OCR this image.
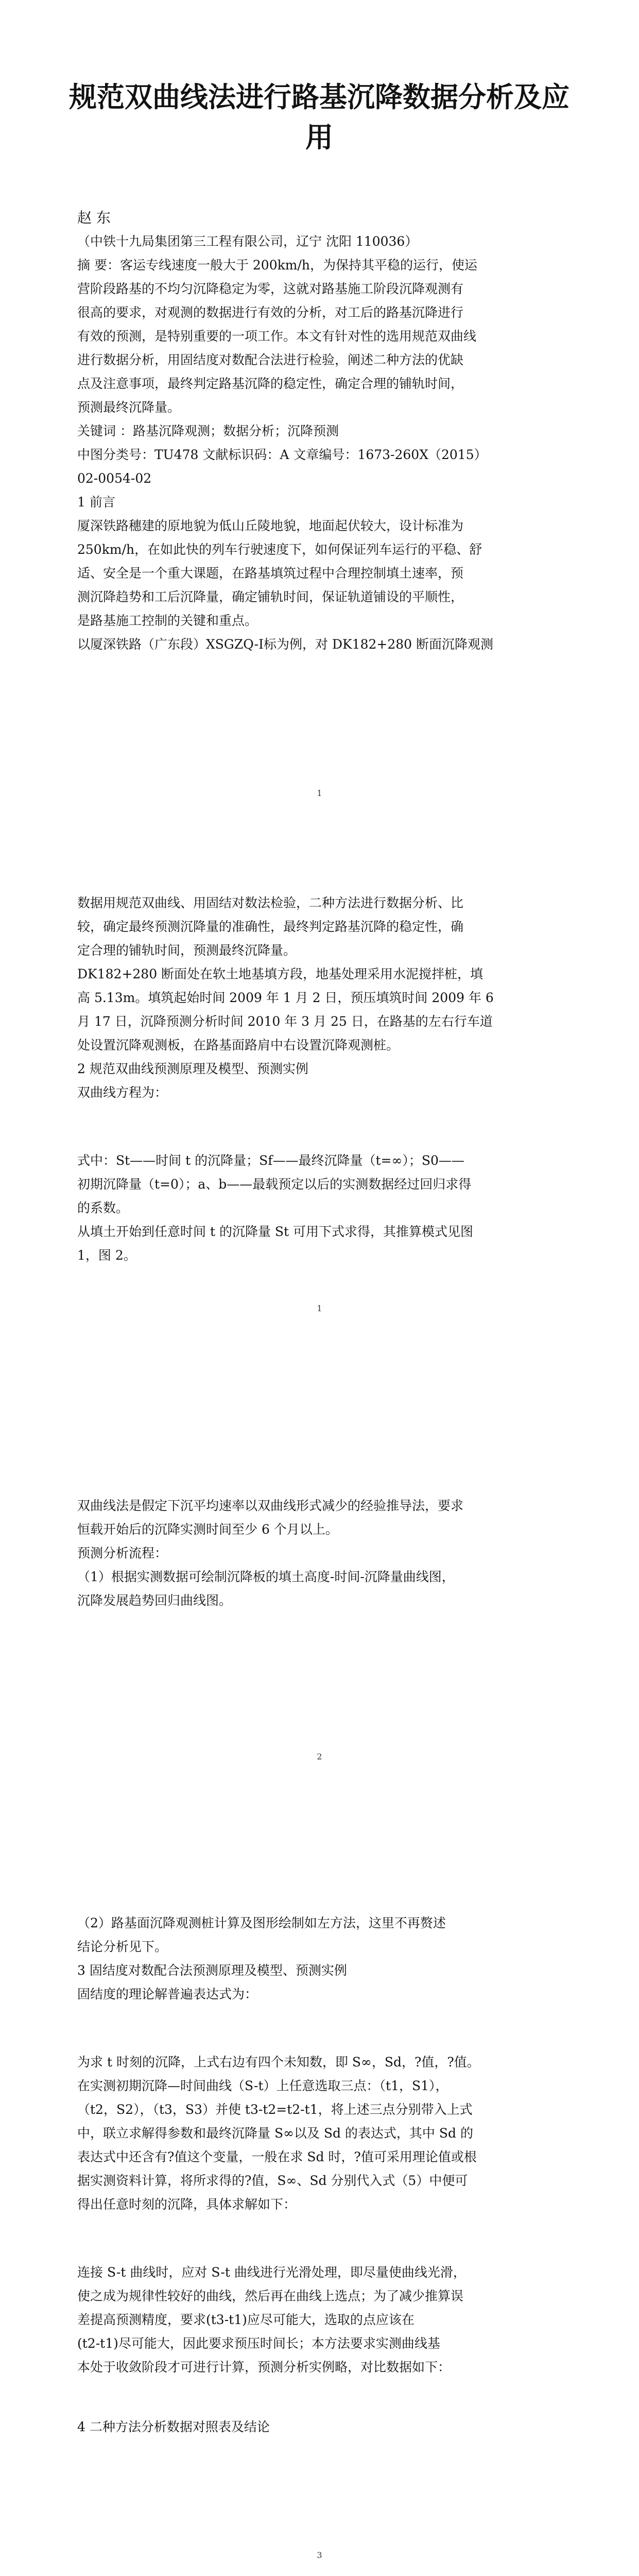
规范双曲线法进行路基沉降数据分析及应
用

赵 东

（中铁十九局集团第三工程有限公司，辽宁 沈阳 110036）

摘 要：客运专线速度一般大于 200km/h，为保持其平稳的运行，使运

营阶段路基的不均匀沉降稳定为零，这就对路基施工阶段沉降观测有

很高的要求，对观测的数据进行有效的分析，对工后的路基沉降进行

有效的预测，是特别重要的一项工作。本文有针对性的选用规范双曲线

进行数据分析，用固结度对数配合法进行检验，阐述二种方法的优缺

点及注意事项，最终判定路基沉降的稳定性，确定合理的铺轨时间，

预测最终沉降量。

关键词 ：路基沉降观测；数据分析；沉降预测

中图分类号：TU478 文献标识码：A 文章编号：1673-260X（2015）

02-0054-02

1 前言

厦深铁路穗建的原地貌为低山丘陵地貌，地面起伏较大，设计标准为

250km/h，在如此快的列车行驶速度下，如何保证列车运行的平稳、舒

适、安全是一个重大课题，在路基填筑过程中合理控制填土速率，预

测沉降趋势和工后沉降量，确定铺轨时间，保证轨道铺设的平顺性，

是路基施工控制的关键和重点。

以厦深铁路（广东段）XSGZQ-Ⅰ标为例，对 DK182+280 断面沉降观测

1

数据用规范双曲线、用固结对数法检验，二种方法进行数据分析、比

较，确定最终预测沉降量的准确性，最终判定路基沉降的稳定性，确

定合理的铺轨时间，预测最终沉降量。

DK182+280 断面处在软土地基填方段，地基处理采用水泥搅拌桩，填

高 5.13m。填筑起始时间 2009 年 1 月 2 日，预压填筑时间 2009 年 6

月 17 日，沉降预测分析时间 2010 年 3 月 25 日，在路基的左右行车道

处设置沉降观测板，在路基面路肩中右设置沉降观测桩。

2 规范双曲线预测原理及模型、预测实例

双曲线方程为：

式中：St——时间 t 的沉降量；Sf——最终沉降量（t=∞）；S0——

初期沉降量（t=0）；a、b——最载预定以后的实测数据经过回归求得

的系数。

从填土开始到任意时间 t 的沉降量 St 可用下式求得，其推算模式见图

1，图 2。

1

双曲线法是假定下沉平均速率以双曲线形式减少的经验推导法，要求

恒载开始后的沉降实测时间至少 6 个月以上。

预测分析流程：

（1）根据实测数据可绘制沉降板的填土高度-时间-沉降量曲线图，

沉降发展趋势回归曲线图。

2

（2）路基面沉降观测桩计算及图形绘制如左方法，这里不再赘述

结论分析见下。

3 固结度对数配合法预测原理及模型、预测实例

固结度的理论解普遍表达式为：

为求 t 时刻的沉降，上式右边有四个未知数，即 S∞，Sd，?值，?值。

在实测初期沉降—时间曲线（S-t）上任意选取三点：（t1，S1），

（t2，S2），（t3，S3）并使 t3-t2=t2-t1，将上述三点分别带入上式

中，联立求解得参数和最终沉降量 S∞以及 Sd 的表达式，其中 Sd 的

表达式中还含有?值这个变量，一般在求 Sd 时，?值可采用理论值或根

据实测资料计算，将所求得的?值，S∞、Sd 分别代入式（5）中便可

得出任意时刻的沉降，具体求解如下：

连接 S-t 曲线时，应对 S-t 曲线进行光滑处理，即尽量使曲线光滑，

使之成为规律性较好的曲线，然后再在曲线上选点；为了减少推算误

差提高预测精度，要求(t3-t1)应尽可能大，选取的点应该在

(t2-t1)尽可能大，因此要求预压时间长；本方法要求实测曲线基

本处于收敛阶段才可进行计算，预测分析实例略，对比数据如下：

4 二种方法分析数据对照表及结论

3
